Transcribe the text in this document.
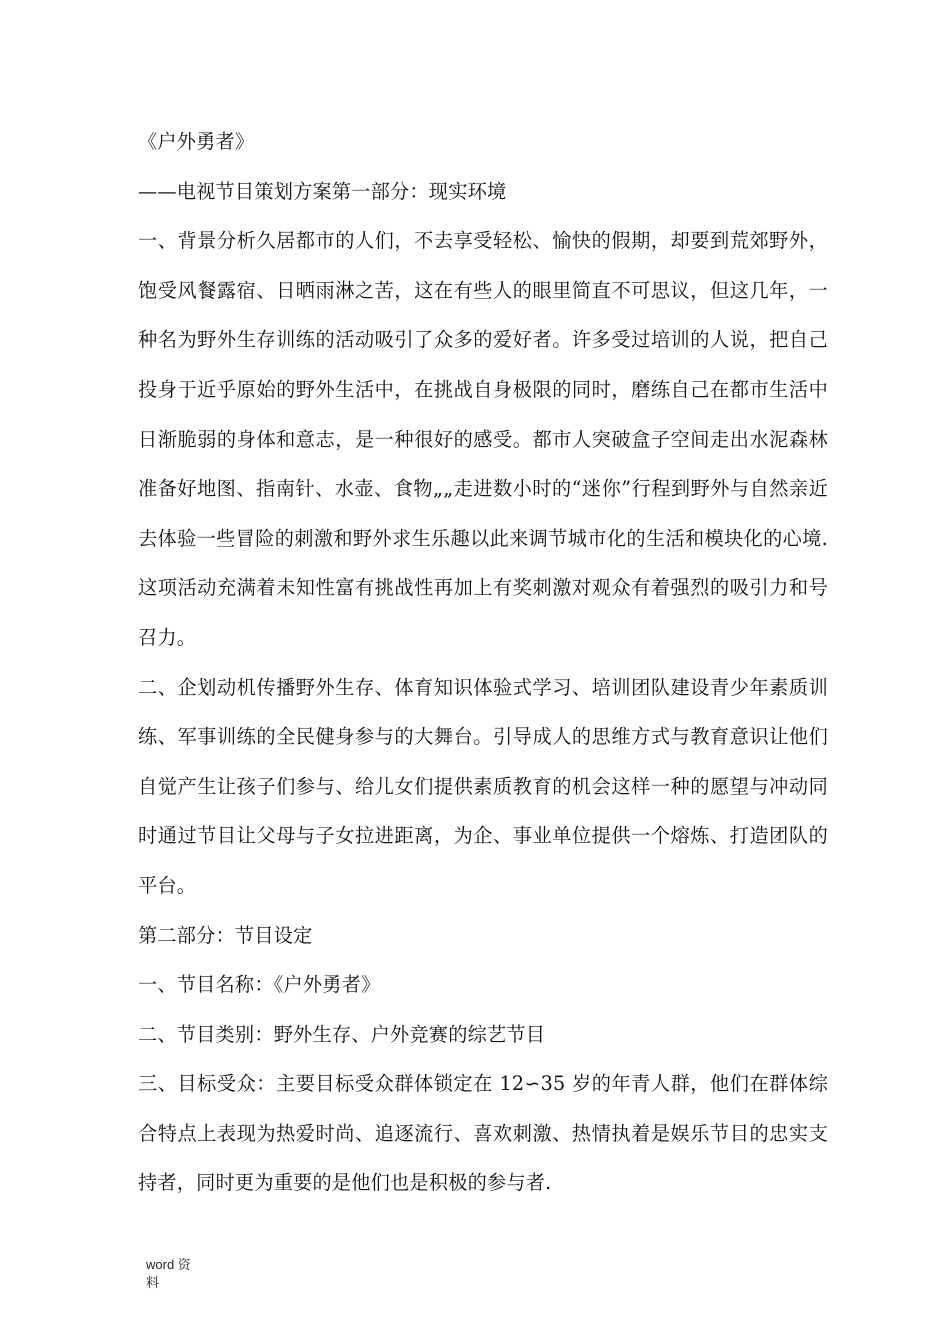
《户外勇者》

——电视节目策划方案第一部分：现实环境

一、背景分析久居都市的人们，不去享受轻松、愉快的假期，却要到荒郊野外，饱受风餐露宿、日晒雨淋之苦，这在有些人的眼里简直不可思议，但这几年，一种名为野外生存训练的活动吸引了众多的爱好者。许多受过培训的人说，把自己投身于近乎原始的野外生活中，在挑战自身极限的同时，磨练自己在都市生活中日渐脆弱的身体和意志，是一种很好的感受。都市人突破盒子空间走出水泥森林准备好地图、指南针、水壶、食物„„走进数小时的“迷你”行程到野外与自然亲近去体验一些冒险的刺激和野外求生乐趣以此来调节城市化的生活和模块化的心境.这项活动充满着未知性富有挑战性再加上有奖刺激对观众有着强烈的吸引力和号召力。

二、企划动机传播野外生存、体育知识体验式学习、培训团队建设青少年素质训练、军事训练的全民健身参与的大舞台。引导成人的思维方式与教育意识让他们自觉产生让孩子们参与、给儿女们提供素质教育的机会这样一种的愿望与冲动同时通过节目让父母与子女拉进距离，为企、事业单位提供一个熔炼、打造团队的平台。

第二部分：节目设定

一、节目名称：《户外勇者》

二、节目类别：野外生存、户外竞赛的综艺节目

三、目标受众：主要目标受众群体锁定在 12∽35 岁的年青人群，他们在群体综合特点上表现为热爱时尚、追逐流行、喜欢刺激、热情执着是娱乐节目的忠实支持者，同时更为重要的是他们也是积极的参与者.

word 资
料
